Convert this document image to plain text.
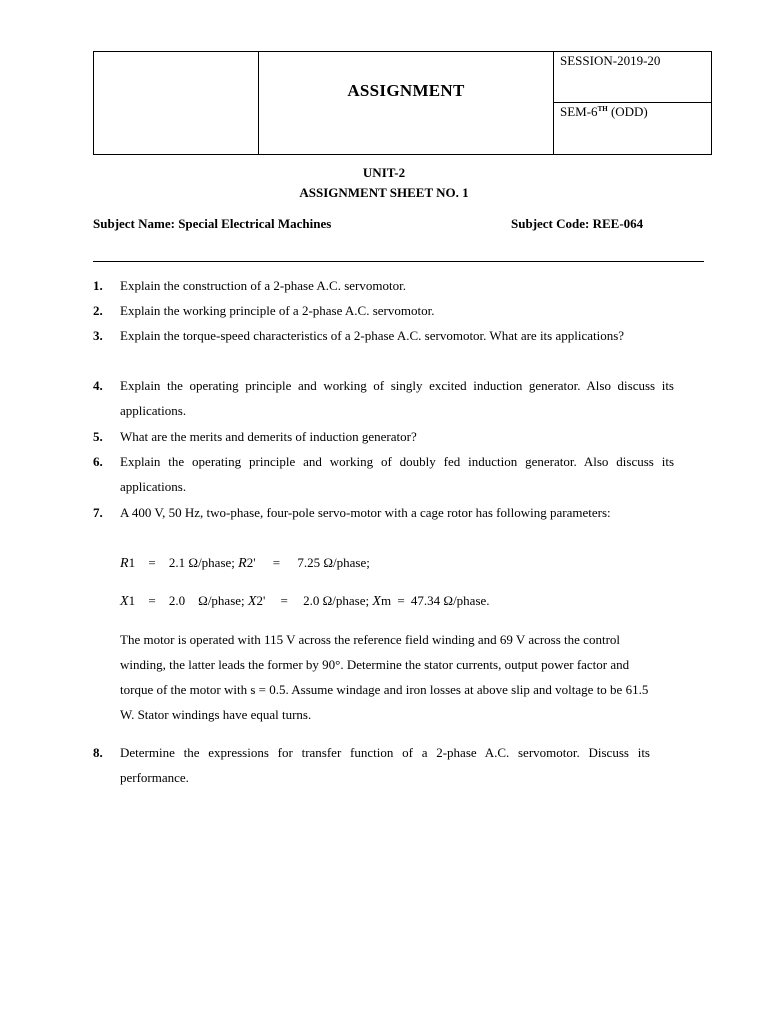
	ASSIGNMENT	
SESSION-2019-20
SEM-6TH (ODD)
UNIT-2
ASSIGNMENT SHEET NO. 1
Subject Name: Special Electrical Machines	Subject Code: REE-064
1. Explain the construction of a 2-phase A.C. servomotor.
2. Explain the working principle of a 2-phase A.C. servomotor.
3. Explain the torque-speed characteristics of a 2-phase A.C. servomotor. What are its applications?
4. Explain the operating principle and working of singly excited induction generator. Also discuss its applications.
5. What are the merits and demerits of induction generator?
6. Explain the operating principle and working of doubly fed induction generator. Also discuss its applications.
7. A 400 V, 50 Hz, two-phase, four-pole servo-motor with a cage rotor has following parameters:
R1 = 2.1 Ω/phase; R2' = 7.25 Ω/phase;
X1 = 2.0    Ω/phase; X2' = 2.0 Ω/phase; Xm = 47.34 Ω/phase.
The motor is operated with 115 V across the reference field winding and 69 V across the control winding, the latter leads the former by 90°. Determine the stator currents, output power factor and torque of the motor with s = 0.5. Assume windage and iron losses at above slip and voltage to be 61.5 W. Stator windings have equal turns.
8. Determine the expressions for transfer function of a 2-phase A.C. servomotor. Discuss its performance.
